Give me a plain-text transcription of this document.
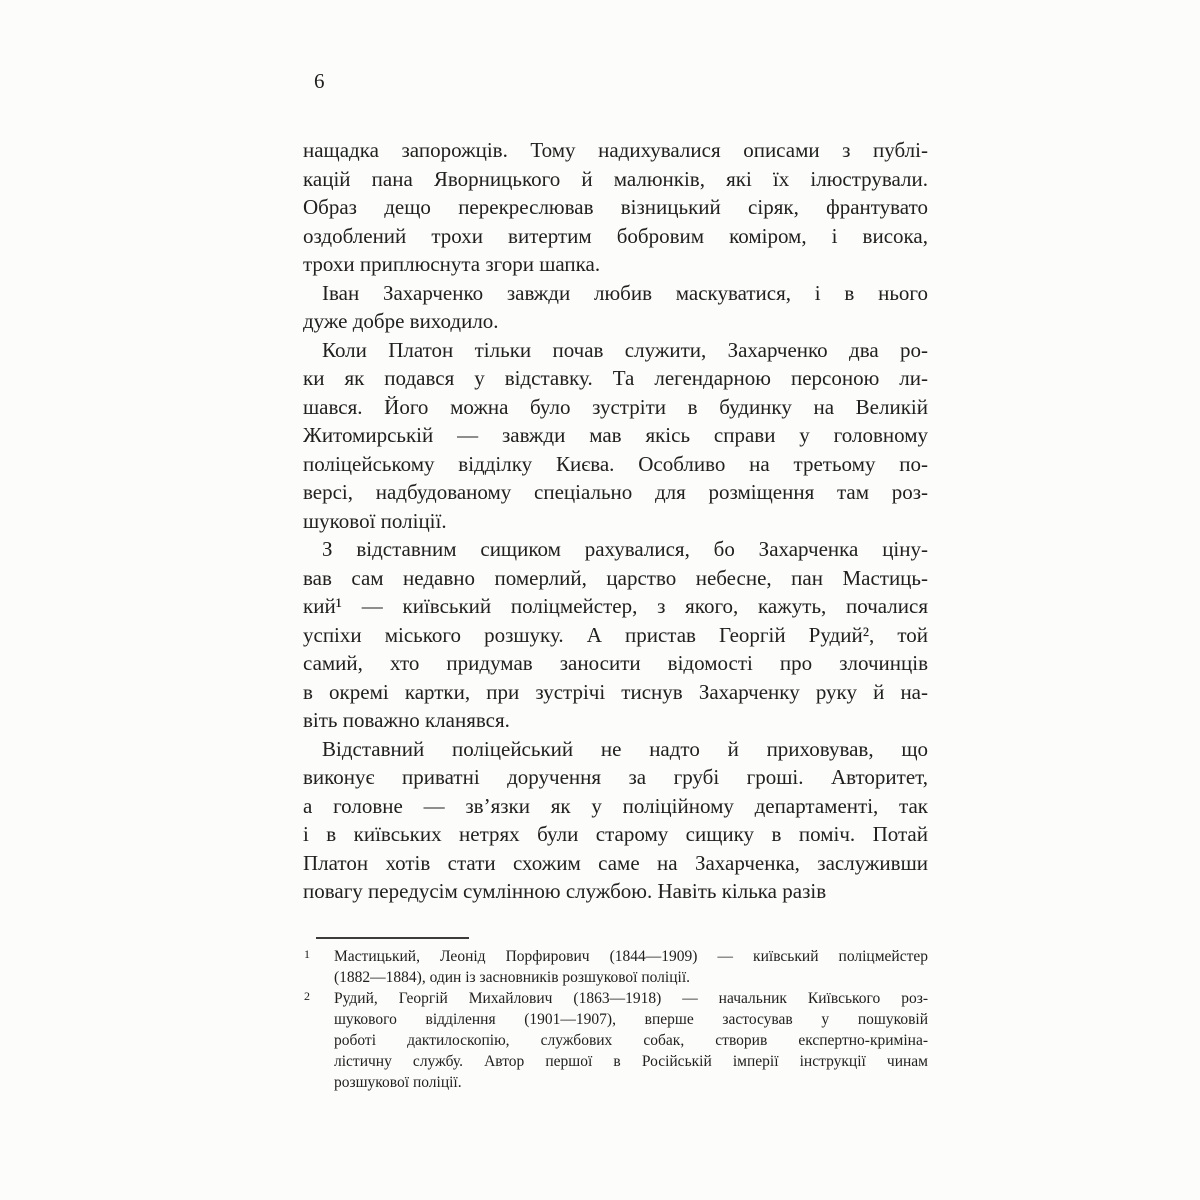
6
нащадка запорожців. Тому надихувалися описами з публі-
кацій пана Яворницького й малюнків, які їх ілюстрували.
Образ дещо перекреслював візницький сіряк, франтувато
оздоблений трохи витертим бобровим коміром, і висока,
трохи приплюснута згори шапка.
Іван Захарченко завжди любив маскуватися, і в нього
дуже добре виходило.
Коли Платон тільки почав служити, Захарченко два ро-
ки як подався у відставку. Та легендарною персоною ли-
шався. Його можна було зустріти в будинку на Великій
Житомирській — завжди мав якісь справи у головному
поліцейському відділку Києва. Особливо на третьому по-
версі, надбудованому спеціально для розміщення там роз-
шукової поліції.
З відставним сищиком рахувалися, бо Захарченка ціну-
вав сам недавно померлий, царство небесне, пан Мастиць-
кий¹ — київський поліцмейстер, з якого, кажуть, почалися
успіхи міського розшуку. А пристав Георгій Рудий², той
самий, хто придумав заносити відомості про злочинців
в окремі картки, при зустрічі тиснув Захарченку руку й на-
віть поважно кланявся.
Відставний поліцейський не надто й приховував, що
виконує приватні доручення за грубі гроші. Авторитет,
а головне — зв’язки як у поліційному департаменті, так
і в київських нетрях були старому сищику в поміч. Потай
Платон хотів стати схожим саме на Захарченка, заслуживши
повагу передусім сумлінною службою. Навіть кілька разів
1 Мастицький, Леонід Порфирович (1844—1909) — київський поліцмейстер
(1882—1884), один із засновників розшукової поліції.
2 Рудий, Георгій Михайлович (1863—1918) — начальник Київського роз-
шукового відділення (1901—1907), вперше застосував у пошуковій
роботі дактилоскопію, службових собак, створив експертно-криміна-
лістичну службу. Автор першої в Російській імперії інструкції чинам
розшукової поліції.
